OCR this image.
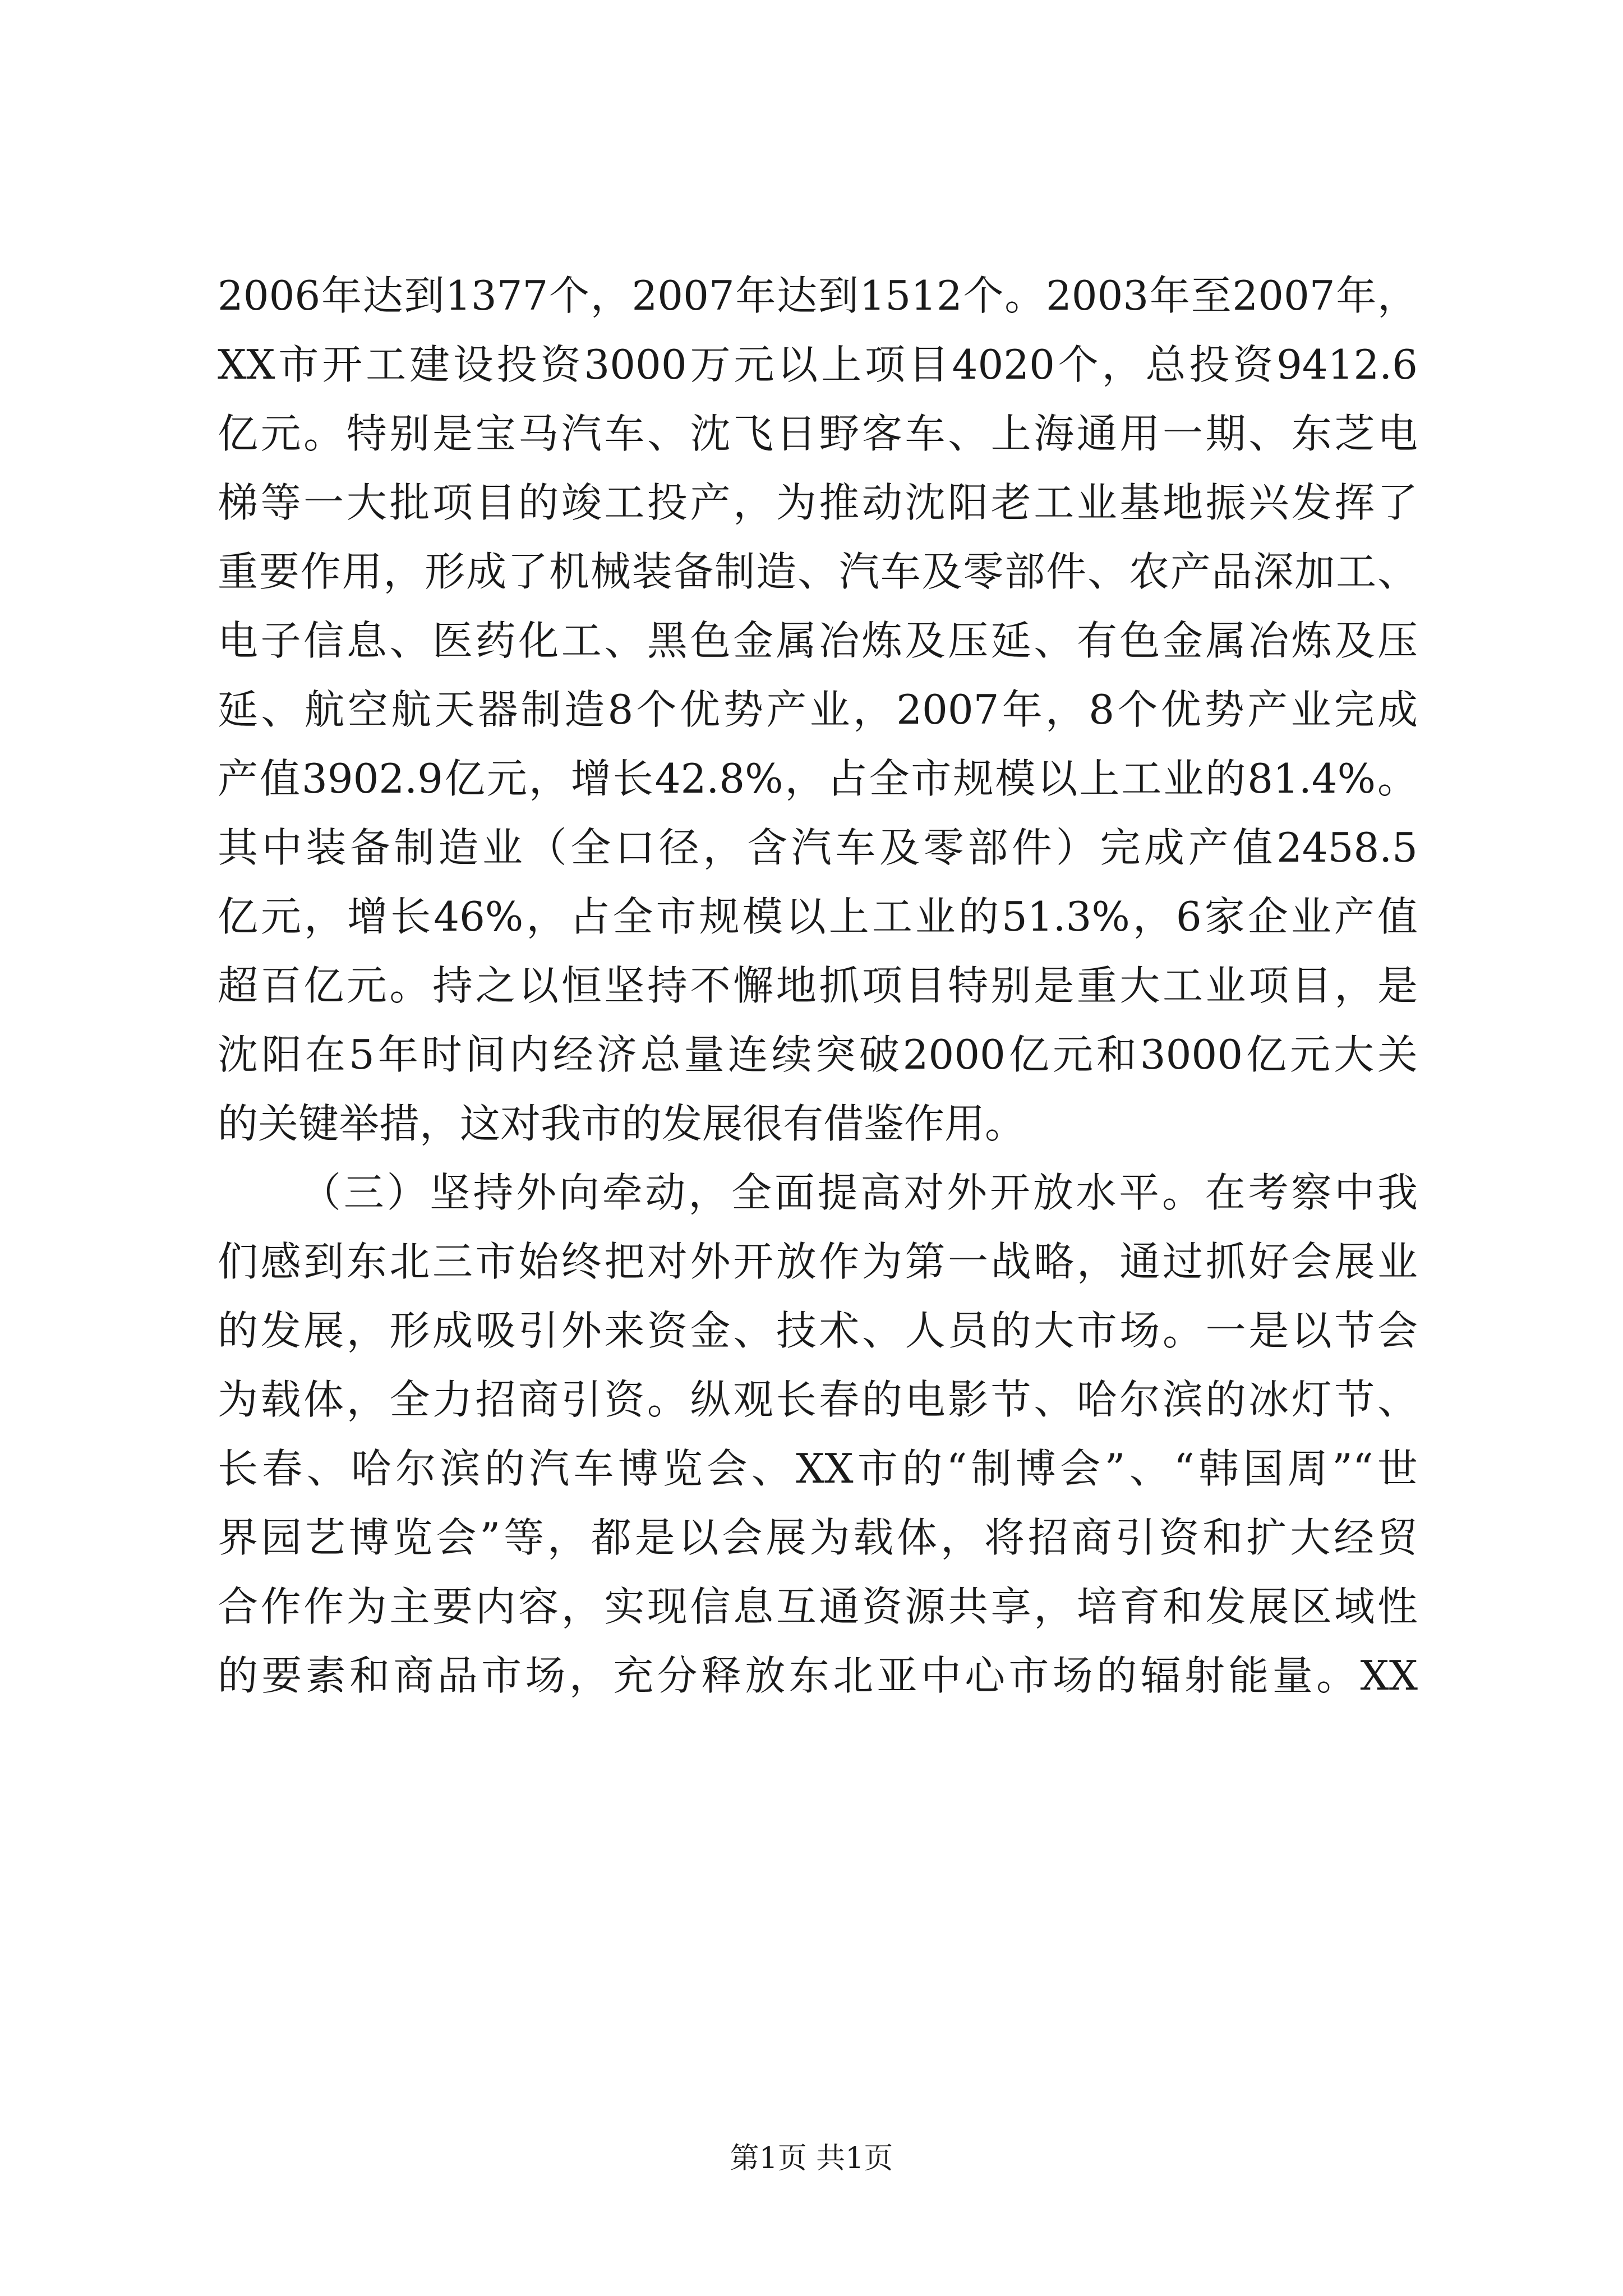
2006年达到1377个，2007年达到1512个。2003年至2007年，
XX市开工建设投资3000万元以上项目4020个，总投资9412.6
亿元。特别是宝马汽车、沈飞日野客车、上海通用一期、东芝电
梯等一大批项目的竣工投产，为推动沈阳老工业基地振兴发挥了
重要作用，形成了机械装备制造、汽车及零部件、农产品深加工、
电子信息、医药化工、黑色金属冶炼及压延、有色金属冶炼及压
延、航空航天器制造8个优势产业，2007年，8个优势产业完成
产值3902.9亿元，增长42.8%，占全市规模以上工业的81.4%。
其中装备制造业（全口径，含汽车及零部件）完成产值2458.5
亿元，增长46%，占全市规模以上工业的51.3%，6家企业产值
超百亿元。持之以恒坚持不懈地抓项目特别是重大工业项目，是
沈阳在5年时间内经济总量连续突破2000亿元和3000亿元大关
的关键举措，这对我市的发展很有借鉴作用。
（三）坚持外向牵动，全面提高对外开放水平。在考察中我
们感到东北三市始终把对外开放作为第一战略，通过抓好会展业
的发展，形成吸引外来资金、技术、人员的大市场。一是以节会
为载体，全力招商引资。纵观长春的电影节、哈尔滨的冰灯节、
长春、哈尔滨的汽车博览会、XX市的“制博会”、“韩国周”“世
界园艺博览会”等，都是以会展为载体，将招商引资和扩大经贸
合作作为主要内容，实现信息互通资源共享，培育和发展区域性
的要素和商品市场，充分释放东北亚中心市场的辐射能量。XX
第1页 共1页
